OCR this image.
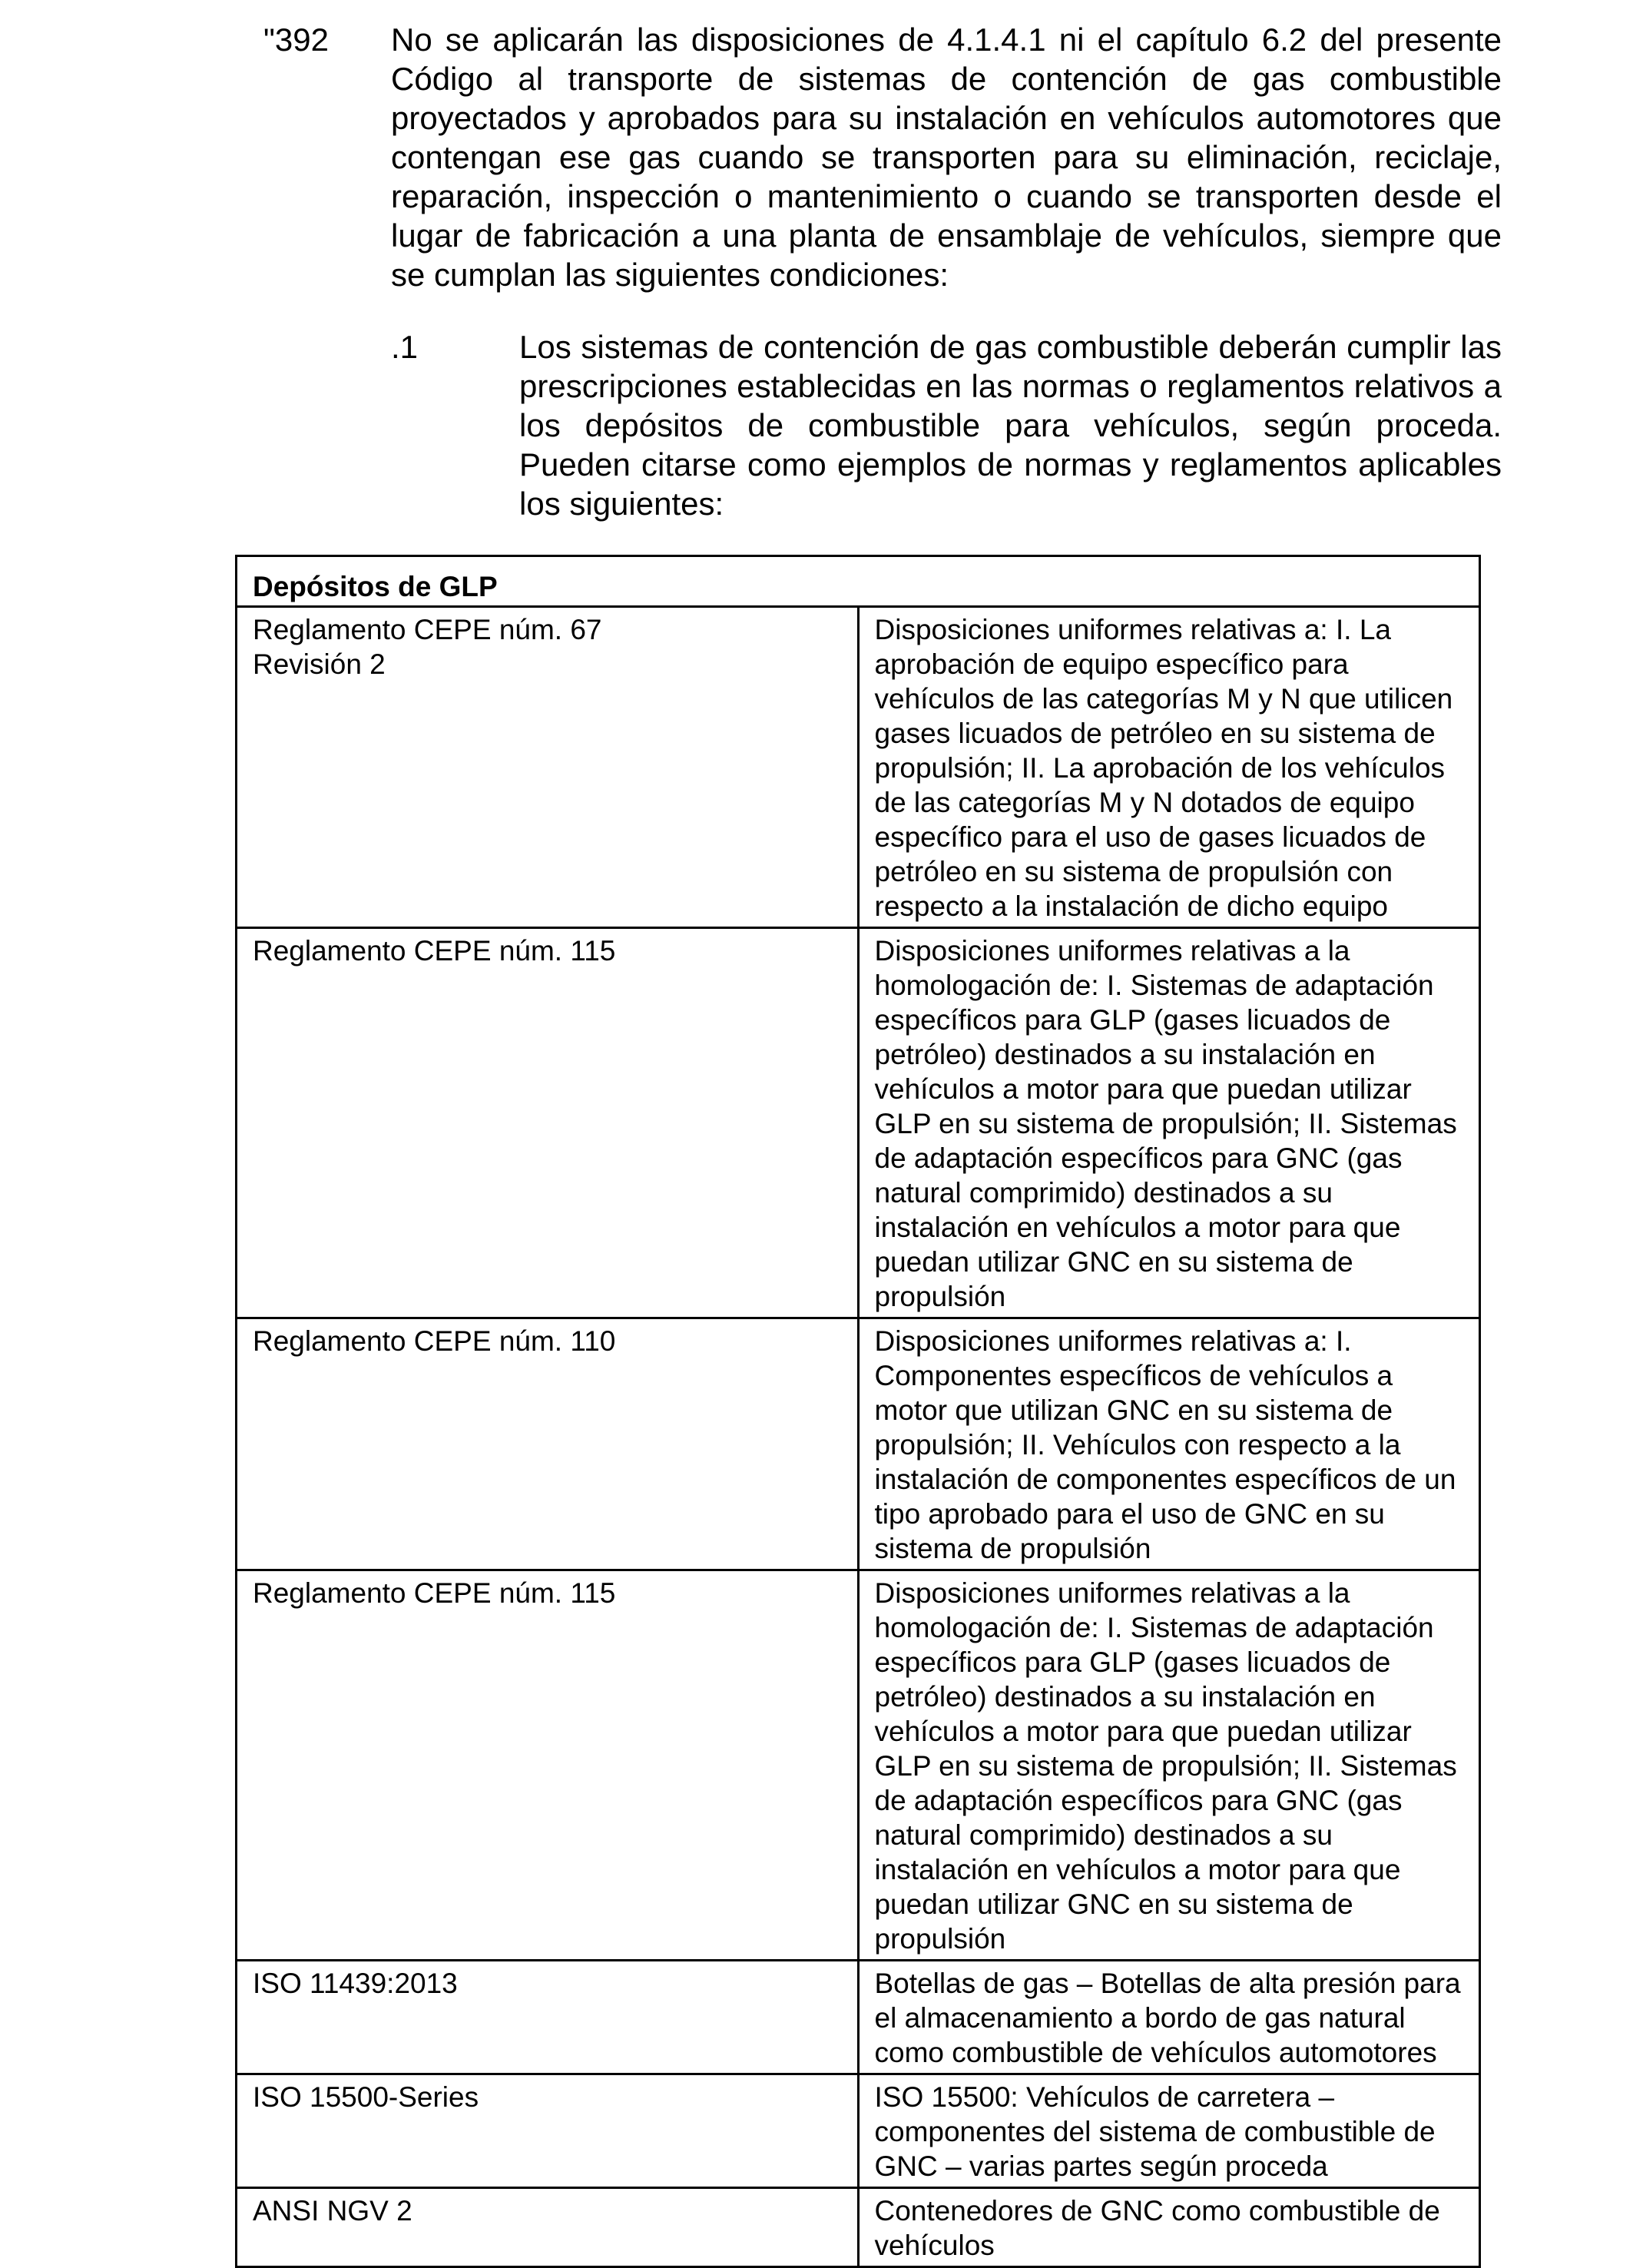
"392 No se aplicarán las disposiciones de 4.1.4.1 ni el capítulo 6.2 del presente Código al transporte de sistemas de contención de gas combustible proyectados y aprobados para su instalación en vehículos automotores que contengan ese gas cuando se transporten para su eliminación, reciclaje, reparación, inspección o mantenimiento o cuando se transporten desde el lugar de fabricación a una planta de ensamblaje de vehículos, siempre que se cumplan las siguientes condiciones:

.1	Los sistemas de contención de gas combustible deberán cumplir las prescripciones establecidas en las normas o reglamentos relativos a los depósitos de combustible para vehículos, según proceda. Pueden citarse como ejemplos de normas y reglamentos aplicables los siguientes:

Depósitos de GLP	

Reglamento CEPE núm. 67
Revisión 2	Disposiciones uniformes relativas a: I. La aprobación de equipo específico para vehículos de las categorías M y N que utilicen gases licuados de petróleo en su sistema de propulsión; II. La aprobación de los vehículos de las categorías M y N dotados de equipo específico para el uso de gases licuados de petróleo en su sistema de propulsión con respecto a la instalación de dicho equipo
Reglamento CEPE núm. 115	Disposiciones uniformes relativas a la homologación de: I. Sistemas de adaptación específicos para GLP (gases licuados de petróleo) destinados a su instalación en vehículos a motor para que puedan utilizar GLP en su sistema de propulsión; II. Sistemas de adaptación específicos para GNC (gas natural comprimido) destinados a su instalación en vehículos a motor para que puedan utilizar GNC en su sistema de propulsión
Reglamento CEPE núm. 110	Disposiciones uniformes relativas a: I. Componentes específicos de vehículos a motor que utilizan GNC en su sistema de propulsión; II. Vehículos con respecto a la instalación de componentes específicos de un tipo aprobado para el uso de GNC en su sistema de propulsión
Reglamento CEPE núm. 115	Disposiciones uniformes relativas a la homologación de: I. Sistemas de adaptación específicos para GLP (gases licuados de petróleo) destinados a su instalación en vehículos a motor para que puedan utilizar GLP en su sistema de propulsión; II. Sistemas de adaptación específicos para GNC (gas natural comprimido) destinados a su instalación en vehículos a motor para que puedan utilizar GNC en su sistema de propulsión
ISO 11439:2013	Botellas de gas – Botellas de alta presión para el almacenamiento a bordo de gas natural como combustible de vehículos automotores
ISO 15500-Series	ISO 15500: Vehículos de carretera – componentes del sistema de combustible de GNC – varias partes según proceda
ANSI NGV 2	Contenedores de GNC como combustible de vehículos
